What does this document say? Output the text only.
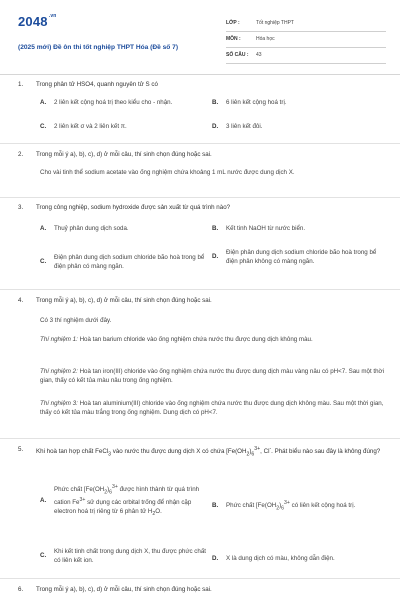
$2048^{.vn}$
(2025 mới) Đề ôn thi tốt nghiệp THPT Hóa (Đề số 7)
LỚP :	Tốt nghiệp THPT
MÔN :	Hóa học
SỐ CÂU :	43
1.	Trong phân tử HSO4, quanh nguyên tử S có
A.	2 liên kết cộng hoá trị theo kiểu cho - nhận.	B.	6 liên kết cộng hoá trị.
C.	2 liên kết σ và 2 liên kết π.	D.	3 liên kết đôi.
2.	Trong mỗi ý a), b), c), d) ở mỗi câu, thí sinh chọn đúng hoặc sai.
Cho vài tinh thể sodium acetate vào ống nghiệm chứa khoảng 1 mL nước được dung dịch X.
3.	Trong công nghiệp, sodium hydroxide được sản xuất từ quá trình nào?
A.	Thuỷ phân dung dịch soda.	B.	Kết tinh NaOH từ nước biển.
C.
Điện phân dung dịch sodium chloride bão hoà trong bể điện phân có màng ngăn.
D.
Điện phân dung dịch sodium chloride bão hoà trong bể điện phân không có màng ngăn.
4.	Trong mỗi ý a), b), c), d) ở mỗi câu, thí sinh chọn đúng hoặc sai.
Có 3 thí nghiệm dưới đây.
Thí nghiệm 1: Hoà tan barium chloride vào ống nghiệm chứa nước thu được dung dịch không màu.
Thí nghiệm 2: Hoà tan iron(III) chloride vào ống nghiệm chứa nước thu được dung dịch màu vàng nâu có pH<7. Sau một thời gian, thấy có kết tủa màu nâu trong ống nghiệm.
Thí nghiệm 3: Hoà tan aluminium(III) chloride vào ống nghiệm chứa nước thu được dung dịch không màu. Sau một thời gian, thấy có kết tủa màu trắng trong ống nghiệm. Dung dịch có pH<7.
5.	Khi hoà tan hợp chất FeCl$_3$ vào nước thu được dung dịch X có chứa [$Fe(OH_2)_6^{3+}$, Cl-. Phát biểu nào sau đây là không đúng?
A.
Phức chất [$Fe(OH_2)_6^{3+}$ được hình thành từ quá trình cation $Fe^{3+}$ sử dụng các orbital trống để nhận cặp electron hoá trị riêng từ 6 phân tử $H_2O$.
B.	Phức chất [$Fe(OH_2)_6^{3+}$ có liên kết cộng hoá trị.
C.
Khi kết tinh chất trong dung dịch X, thu được phức chất có liên kết ion.	D.	X là dung dịch có màu, không dẫn điện.
6.	Trong mỗi ý a), b), c), d) ở mỗi câu, thí sinh chọn đúng hoặc sai.
